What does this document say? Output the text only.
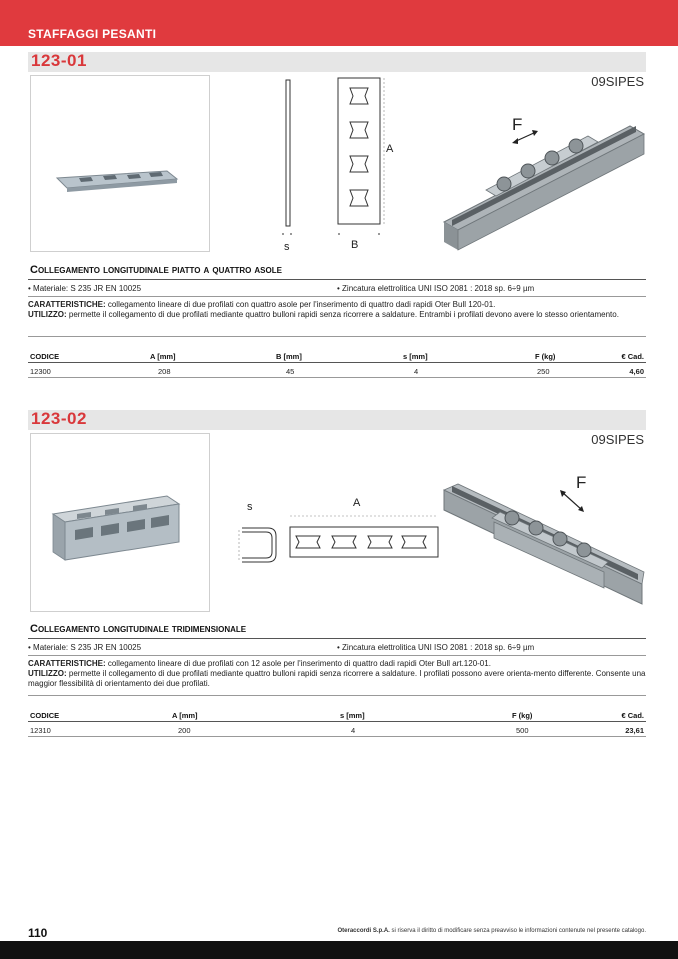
STAFFAGGI PESANTI
123-01
09SIPES
s	B
A
F
Collegamento longitudinale piatto a quattro asole
• Materiale: S 235 JR EN 10025	• Zincatura elettrolitica UNI ISO 2081 : 2018 sp. 6÷9 µm
CARATTERISTICHE: collegamento lineare di due profilati con quattro asole per l'inserimento di quattro dadi rapidi Oter Bull 120-01.
UTILIZZO: permette il collegamento di due profilati mediante quattro bulloni rapidi senza ricorrere a saldature. Entrambi i profilati devono avere lo stesso orientamento.
CODICE	A [mm]	B [mm]	s [mm]	F (kg)	€ Cad.
12300	208	45	4	250	4,60
123-02
09SIPES
s	A
F
Collegamento longitudinale tridimensionale
• Materiale: S 235 JR EN 10025	• Zincatura elettrolitica UNI ISO 2081 : 2018 sp. 6÷9 µm
CARATTERISTICHE: collegamento lineare di due profilati con 12 asole per l'inserimento di quattro dadi rapidi Oter Bull art.120-01.
UTILIZZO: permette il collegamento di due profilati mediante quattro bulloni rapidi senza ricorrere a saldature. I profilati possono avere orienta-mento differente. Consente una maggior flessibilità di orientamento dei due profilati.
CODICE	A [mm]	s [mm]	F (kg)	€ Cad.
12310	200	4	500	23,61
110	Oteraccordi S.p.A. si riserva il diritto di modificare senza preavviso le informazioni contenute nel presente catalogo.
